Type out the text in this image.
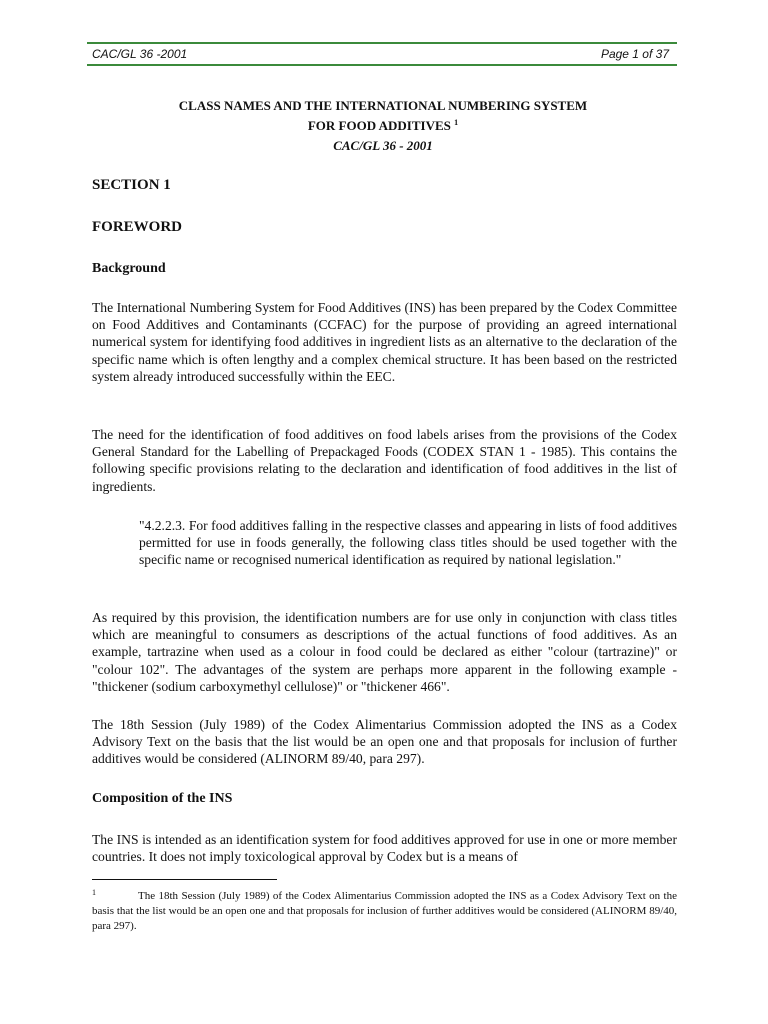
CAC/GL 36 -2001	Page 1 of 37
CLASS NAMES AND THE INTERNATIONAL NUMBERING SYSTEM
FOR FOOD ADDITIVES $^1$
CAC/GL 36 - 2001
SECTION 1
FOREWORD
Background
The International Numbering System for Food Additives (INS) has been prepared by the Codex Committee on Food Additives and Contaminants (CCFAC) for the purpose of providing an agreed international numerical system for identifying food additives in ingredient lists as an alternative to the declaration of the specific name which is often lengthy and a complex chemical structure. It has been based on the restricted system already introduced successfully within the EEC.
The need for the identification of food additives on food labels arises from the provisions of the Codex General Standard for the Labelling of Prepackaged Foods (CODEX STAN 1 - 1985). This contains the following specific provisions relating to the declaration and identification of food additives in the list of ingredients.
"4.2.2.3. For food additives falling in the respective classes and appearing in lists of food additives permitted for use in foods generally, the following class titles should be used together with the specific name or recognised numerical identification as required by national legislation."
As required by this provision, the identification numbers are for use only in conjunction with class titles which are meaningful to consumers as descriptions of the actual functions of food additives. As an example, tartrazine when used as a colour in food could be declared as either "colour (tartrazine)" or "colour 102". The advantages of the system are perhaps more apparent in the following example - "thickener (sodium carboxymethyl cellulose)" or "thickener 466".
The 18th Session (July 1989) of the Codex Alimentarius Commission adopted the INS as a Codex Advisory Text on the basis that the list would be an open one and that proposals for inclusion of further additives would be considered (ALINORM 89/40, para 297).
Composition of the INS
The INS is intended as an identification system for food additives approved for use in one or more member countries. It does not imply toxicological approval by Codex but is a means of
1	The 18th Session (July 1989) of the Codex Alimentarius Commission adopted the INS as a Codex Advisory Text on the basis that the list would be an open one and that proposals for inclusion of further additives would be considered (ALINORM 89/40, para 297).
